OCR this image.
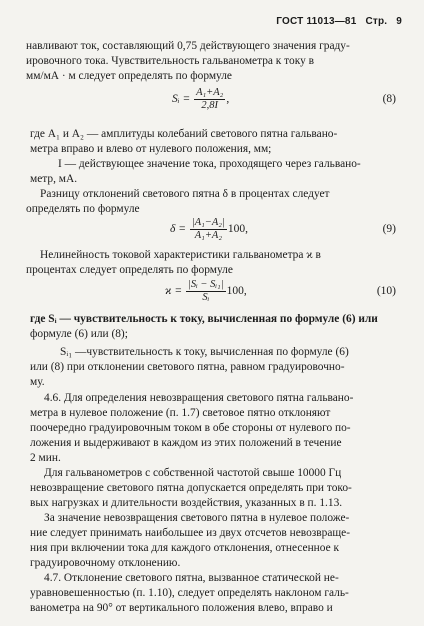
ГОСТ 11013—81 Стр. 9
навливают ток, составляющий 0,75 действующего значения граду-
ировочного тока. Чувствительность гальванометра к току в
мм/мА · м следует определять по формуле
Sᵢ = $\frac{\text{A₁+A₂}}{2,8I}$ ,	(8)
где A₁ и A₂ — амплитуды колебаний светового пятна гальвано-
метра вправо и влево от нулевого положения, мм;
I — действующее значение тока, проходящего через гальвано-
метр, мА.
Разницу отклонений светового пятна δ в процентах следует
определять по формуле
$\delta = \frac{\text{|A₁−A₂|}}{\text{A₁+A₂}} 100$,	(9)
Нелинейность токовой характеристики гальванометра ϰ в
процентах следует определять по формуле
$ϰ = \frac{\text{|Sᵢ − Sᵢ₁|}}{\text{Sᵢ}} 100$,	(10)
где Sᵢ — чувствительность к току, вычисленная по формуле (6) или
формуле (6) или (8);
Sᵢ₁ —чувствительность к току, вычисленная по формуле (6)
или (8) при отклонении светового пятна, равном градуировочно-
му.
4.6. Для определения невозвращения светового пятна гальвано-
метра в нулевое положение (п. 1.7) световое пятно отклоняют
поочередно градуировочным током в обе стороны от нулевого по-
ложения и выдерживают в каждом из этих положений в течение
2 мин.
Для гальванометров с собственной частотой свыше 10000 Гц
невозвращение светового пятна допускается определять при токо-
вых нагрузках и длительности воздействия, указанных в п. 1.13.
За значение невозвращения светового пятна в нулевое положе-
ние следует принимать наибольшее из двух отсчетов невозвраще-
ния при включении тока для каждого отклонения, отнесенное к
градуировочному отклонению.
4.7. Отклонение светового пятна, вызванное статической не-
уравновешенностью (п. 1.10), следует определять наклоном галь-
ванометра на 90° от вертикального положения влево, вправо и
